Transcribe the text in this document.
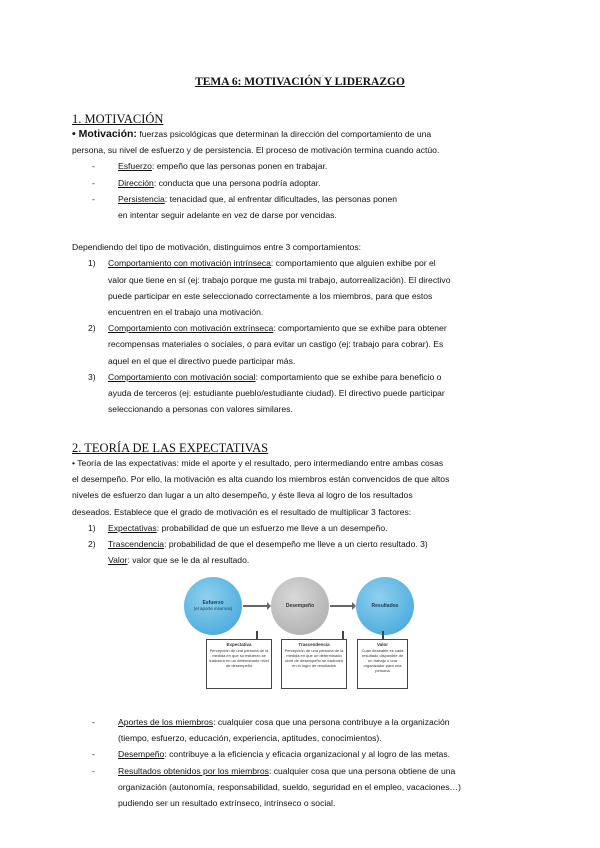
TEMA 6: MOTIVACIÓN Y LIDERAZGO
1. MOTIVACIÓN

• Motivación: fuerzas psicológicas que determinan la dirección del comportamiento de una

persona, su nivel de esfuerzo y de persistencia. El proceso de motivación termina cuando actúo.

- Esfuerzo: empeño que las personas ponen en trabajar.

- Dirección: conducta que una persona podría adoptar.

- Persistencia: tenacidad que, al enfrentar dificultades, las personas ponen

en intentar seguir adelante en vez de darse por vencidas.

Dependiendo del tipo de motivación, distinguimos entre 3 comportamientos:

1) Comportamiento con motivación intrínseca: comportamiento que alguien exhibe por el

valor que tiene en sí (ej: trabajo porque me gusta mi trabajo, autorrealización). El directivo

puede participar en este seleccionado correctamente a los miembros, para que estos

encuentren en el trabajo una motivación.

2) Comportamiento con motivación extrínseca: comportamiento que se exhibe para obtener

recompensas materiales o sociales, o para evitar un castigo (ej: trabajo para cobrar). Es

aquel en el que el directivo puede participar más.

3) Comportamiento con motivación social: comportamiento que se exhibe para beneficio o

ayuda de terceros (ej: estudiante pueblo/estudiante ciudad). El directivo puede participar

seleccionando a personas con valores similares.

2. TEORÍA DE LAS EXPECTATIVAS

• Teoría de las expectativas: mide el aporte y el resultado, pero intermediando entre ambas cosas

el desempeño. Por ello, la motivación es alta cuando los miembros están convencidos de que altos

niveles de esfuerzo dan lugar a un alto desempeño, y éste lleva al logro de los resultados

deseados. Establece que el grado de motivación es el resultado de multiplicar 3 factores:

1) Expectativas: probabilidad de que un esfuerzo me lleve a un desempeño.

2) Trascendencia: probabilidad de que el desempeño me lleve a un cierto resultado. 3)

Valor: valor que se le da al resultado.

Esfuerzo
(el aporte insumos)	Desempeño	Resultados
Expectativa
Percepción de una persona de la medida en que su esfuerzo se traducirá en un determinado nivel de desempeño
Trascendencia
Percepción de una persona de la medida en que un determinado nivel de desempeño se traducirá en el logro de resultados
Valor
Cuán deseable es cada resultado disponible de un trabajo o una organizador para una persona

- Aportes de los miembros: cualquier cosa que una persona contribuye a la organización

(tiempo, esfuerzo, educación, experiencia, aptitudes, conocimientos).

- Desempeño: contribuye a la eficiencia y eficacia organizacional y al logro de las metas.

- Resultados obtenidos por los miembros: cualquier cosa que una persona obtiene de una

organización (autonomía, responsabilidad, sueldo, seguridad en el empleo, vacaciones…)

pudiendo ser un resultado extrínseco, intrínseco o social.
